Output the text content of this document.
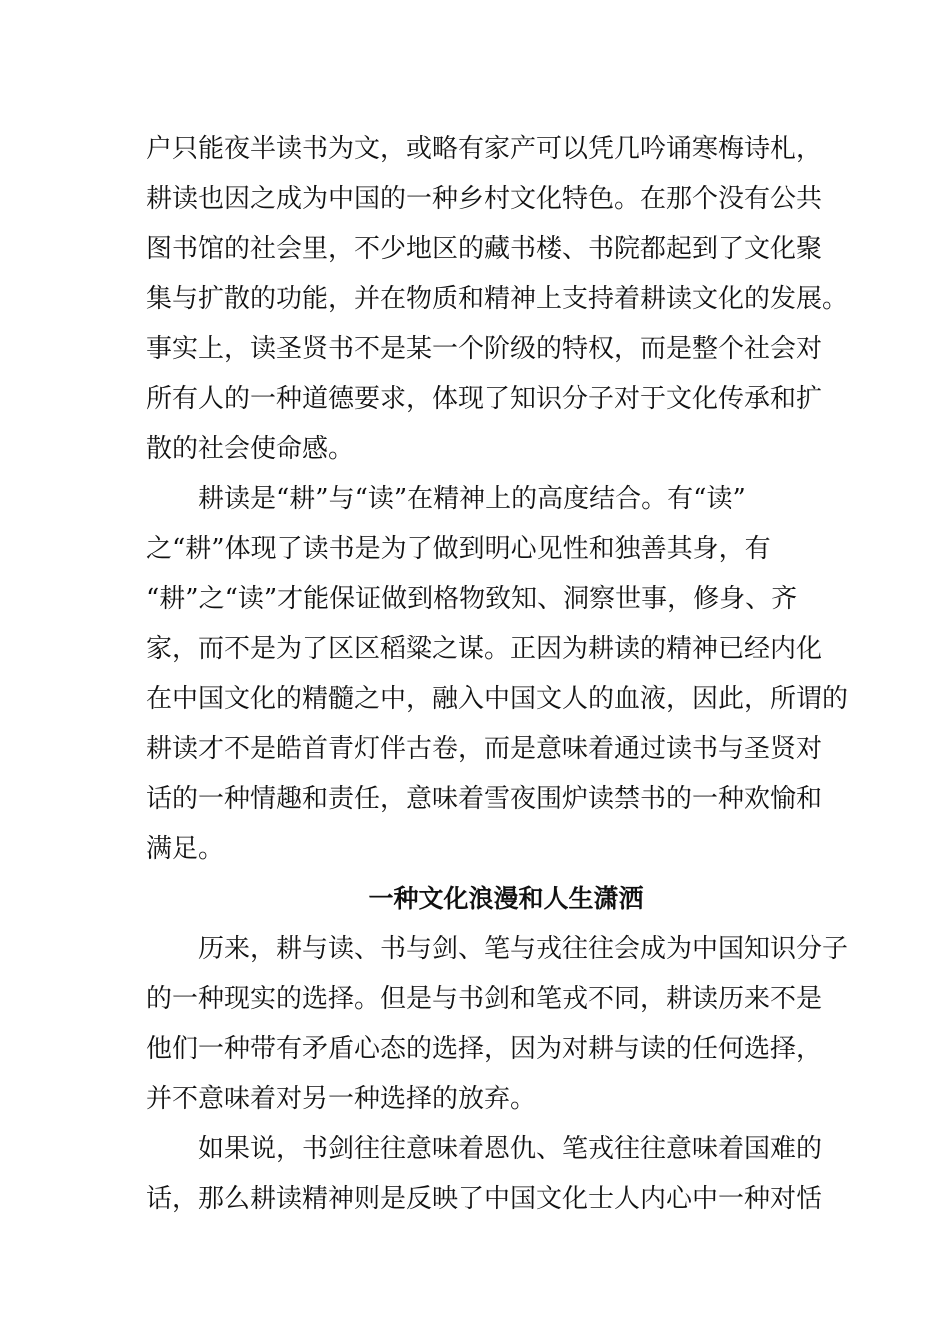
户只能夜半读书为文，或略有家产可以凭几吟诵寒梅诗札，
耕读也因之成为中国的一种乡村文化特色。在那个没有公共
图书馆的社会里，不少地区的藏书楼、书院都起到了文化聚
集与扩散的功能，并在物质和精神上支持着耕读文化的发展。
事实上，读圣贤书不是某一个阶级的特权，而是整个社会对
所有人的一种道德要求，体现了知识分子对于文化传承和扩
散的社会使命感。
　　耕读是“耕”与“读”在精神上的高度结合。有“读”
之“耕”体现了读书是为了做到明心见性和独善其身，有
“耕”之“读”才能保证做到格物致知、洞察世事，修身、齐
家，而不是为了区区稻粱之谋。正因为耕读的精神已经内化
在中国文化的精髓之中，融入中国文人的血液，因此，所谓的
耕读才不是皓首青灯伴古卷，而是意味着通过读书与圣贤对
话的一种情趣和责任，意味着雪夜围炉读禁书的一种欢愉和
满足。
一种文化浪漫和人生潇洒
　　历来，耕与读、书与剑、笔与戎往往会成为中国知识分子
的一种现实的选择。但是与书剑和笔戎不同，耕读历来不是
他们一种带有矛盾心态的选择，因为对耕与读的任何选择，
并不意味着对另一种选择的放弃。
　　如果说，书剑往往意味着恩仇、笔戎往往意味着国难的
话，那么耕读精神则是反映了中国文化士人内心中一种对恬
